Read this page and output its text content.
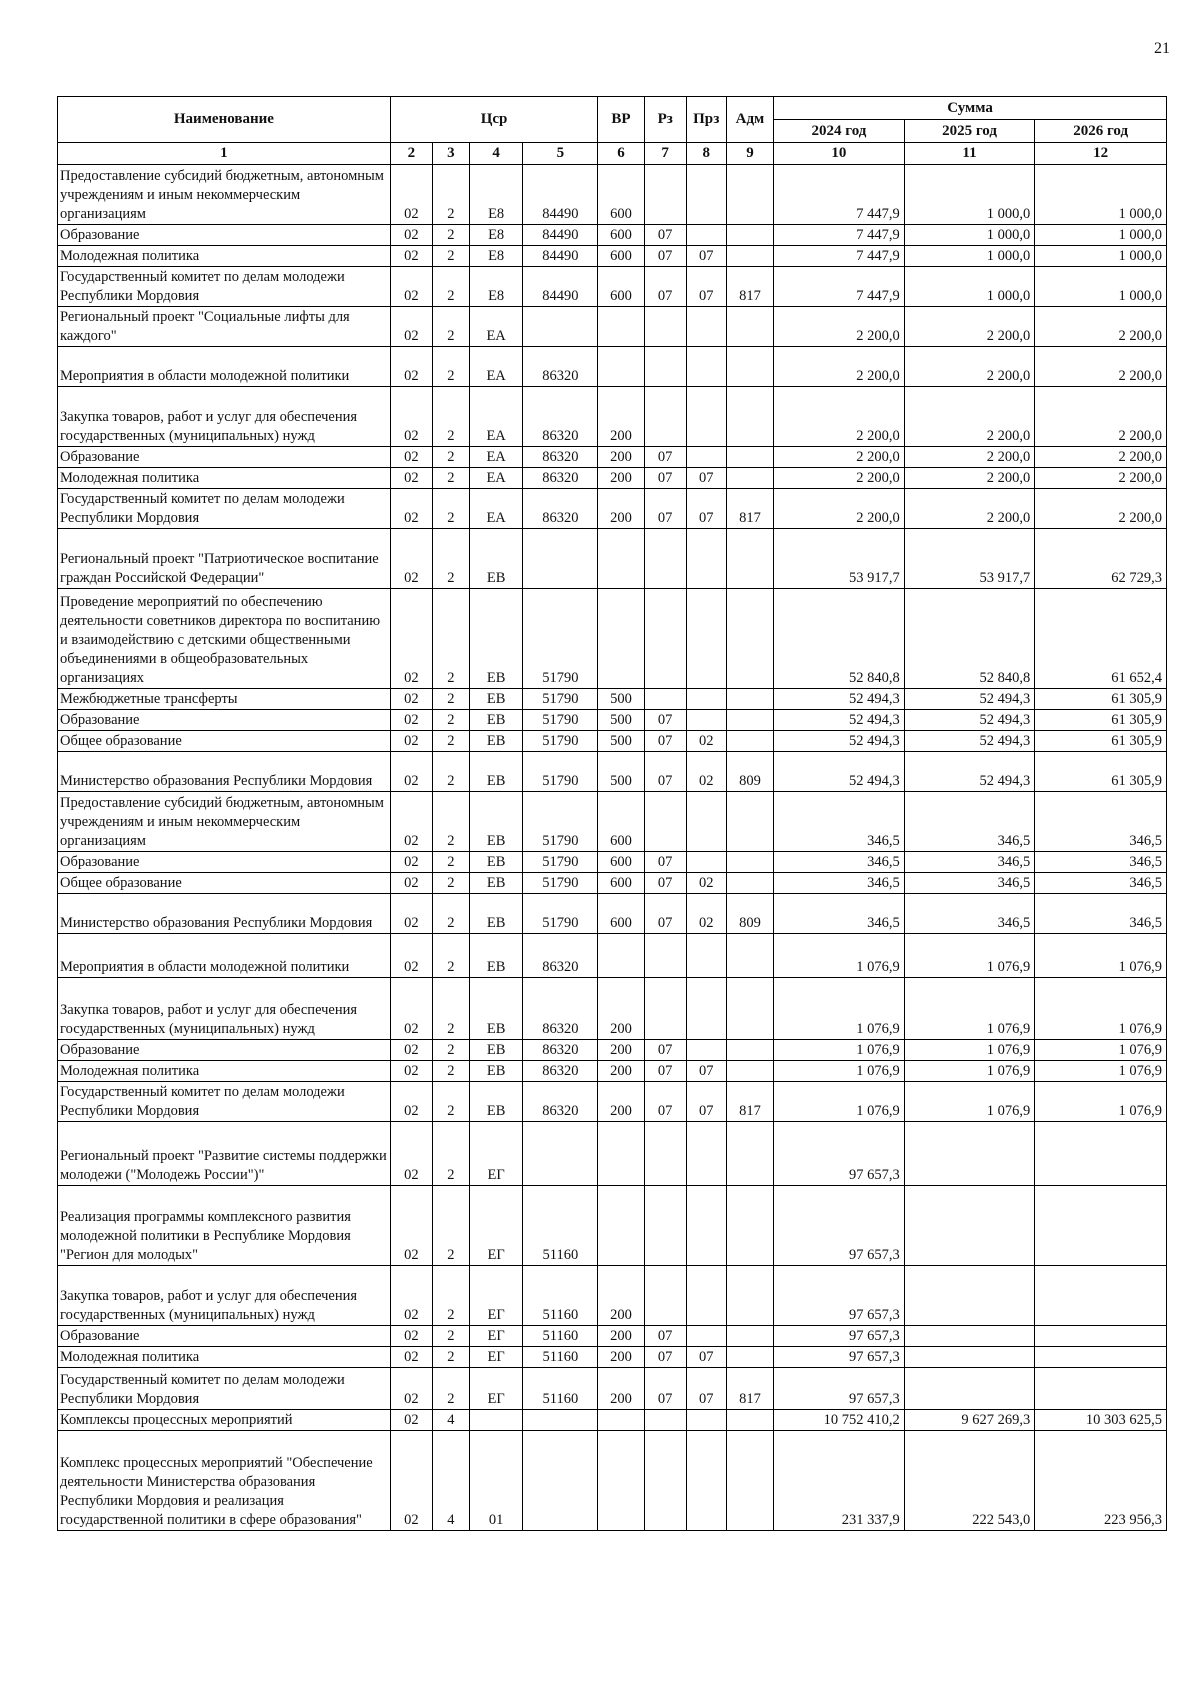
21
Наименование	Цср				ВР	Рз	Прз	Адм	Сумма		
									2024 год	2025 год	2026 год
1	2	3	4	5	6	7	8	9	10	11	12
Предоставление субсидий бюджетным, автономным учреждениям и иным некоммерческим организациям	02	2	Е8	84490	600				7 447,9	1 000,0	1 000,0
Образование	02	2	Е8	84490	600	07			7 447,9	1 000,0	1 000,0
Молодежная политика	02	2	Е8	84490	600	07	07		7 447,9	1 000,0	1 000,0
Государственный комитет по делам молодежи Республики Мордовия	02	2	Е8	84490	600	07	07	817	7 447,9	1 000,0	1 000,0
Региональный проект "Социальные лифты для каждого"	02	2	ЕА						2 200,0	2 200,0	2 200,0
Мероприятия в области молодежной политики	02	2	ЕА	86320					2 200,0	2 200,0	2 200,0
Закупка товаров, работ и услуг для обеспечения государственных (муниципальных) нужд	02	2	ЕА	86320	200				2 200,0	2 200,0	2 200,0
Образование	02	2	ЕА	86320	200	07			2 200,0	2 200,0	2 200,0
Молодежная политика	02	2	ЕА	86320	200	07	07		2 200,0	2 200,0	2 200,0
Государственный комитет по делам молодежи Республики Мордовия	02	2	ЕА	86320	200	07	07	817	2 200,0	2 200,0	2 200,0
Региональный проект "Патриотическое воспитание граждан Российской Федерации"	02	2	ЕВ						53 917,7	53 917,7	62 729,3
Проведение мероприятий по обеспечению деятельности советников директора по воспитанию и взаимодействию с детскими общественными объединениями в общеобразовательных организациях	02	2	ЕВ	51790					52 840,8	52 840,8	61 652,4
Межбюджетные трансферты	02	2	ЕВ	51790	500				52 494,3	52 494,3	61 305,9
Образование	02	2	ЕВ	51790	500	07			52 494,3	52 494,3	61 305,9
Общее образование	02	2	ЕВ	51790	500	07	02		52 494,3	52 494,3	61 305,9
Министерство образования Республики Мордовия	02	2	ЕВ	51790	500	07	02	809	52 494,3	52 494,3	61 305,9
Предоставление субсидий бюджетным, автономным учреждениям и иным некоммерческим организациям	02	2	ЕВ	51790	600				346,5	346,5	346,5
Образование	02	2	ЕВ	51790	600	07			346,5	346,5	346,5
Общее образование	02	2	ЕВ	51790	600	07	02		346,5	346,5	346,5
Министерство образования Республики Мордовия	02	2	ЕВ	51790	600	07	02	809	346,5	346,5	346,5
Мероприятия в области молодежной политики	02	2	ЕВ	86320					1 076,9	1 076,9	1 076,9
Закупка товаров, работ и услуг для обеспечения государственных (муниципальных) нужд	02	2	ЕВ	86320	200				1 076,9	1 076,9	1 076,9
Образование	02	2	ЕВ	86320	200	07			1 076,9	1 076,9	1 076,9
Молодежная политика	02	2	ЕВ	86320	200	07	07		1 076,9	1 076,9	1 076,9
Государственный комитет по делам молодежи Республики Мордовия	02	2	ЕВ	86320	200	07	07	817	1 076,9	1 076,9	1 076,9
Региональный проект "Развитие системы поддержки молодежи ("Молодежь России")"	02	2	ЕГ						97 657,3		
Реализация программы комплексного развития молодежной политики в Республике Мордовия "Регион для молодых"	02	2	ЕГ	51160					97 657,3		
Закупка товаров, работ и услуг для обеспечения государственных (муниципальных) нужд	02	2	ЕГ	51160	200				97 657,3		
Образование	02	2	ЕГ	51160	200	07			97 657,3		
Молодежная политика	02	2	ЕГ	51160	200	07	07		97 657,3		
Государственный комитет по делам молодежи Республики Мордовия	02	2	ЕГ	51160	200	07	07	817	97 657,3		
Комплексы процессных мероприятий	02	4							10 752 410,2	9 627 269,3	10 303 625,5
Комплекс процессных мероприятий "Обеспечение деятельности Министерства образования Республики Мордовия и реализация государственной политики в сфере образования"	02	4	01						231 337,9	222 543,0	223 956,3
